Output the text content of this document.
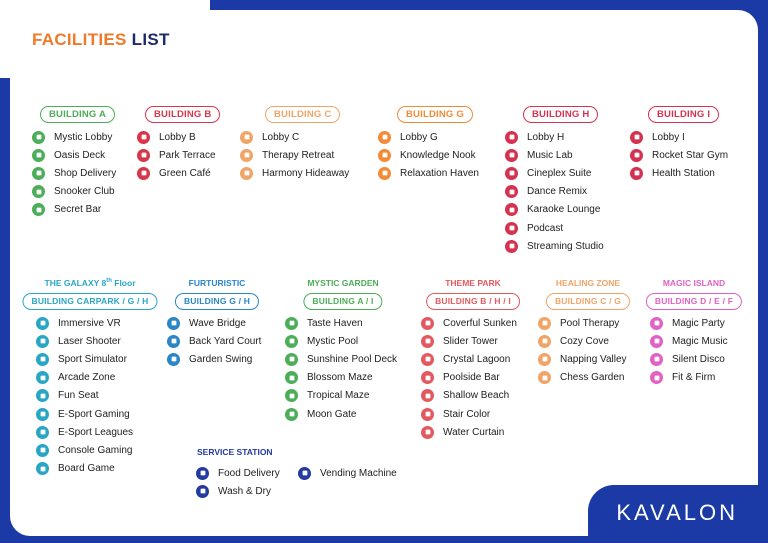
FACILITIES LIST
KAVALON
BUILDING A
Mystic Lobby
Oasis Deck
Shop Delivery
Snooker Club
Secret Bar
BUILDING B
Lobby B
Park Terrace
Green Café
BUILDING C
Lobby C
Therapy Retreat
Harmony Hideaway
BUILDING G
Lobby G
Knowledge Nook
Relaxation Haven
BUILDING H
Lobby H
Music Lab
Cineplex Suite
Dance Remix
Karaoke Lounge
Podcast
Streaming Studio
BUILDING I
Lobby I
Rocket Star Gym
Health Station
THE GALAXY 8th Floor
BUILDING CARPARK / G / H
Immersive VR
Laser Shooter
Sport Simulator
Arcade Zone
Fun Seat
E-Sport Gaming
E-Sport Leagues
Console Gaming
Board Game
FURTURISTIC
BUILDING G / H
Wave Bridge
Back Yard Court
Garden Swing
MYSTIC GARDEN
BUILDING A / I
Taste Haven
Mystic Pool
Sunshine Pool Deck
Blossom Maze
Tropical Maze
Moon Gate
THEME PARK
BUILDING B / H / I
Coverful Sunken
Slider Tower
Crystal Lagoon
Poolside Bar
Shallow Beach
Stair Color
Water Curtain
HEALING ZONE
BUILDING C / G
Pool Therapy
Cozy Cove
Napping Valley
Chess Garden
MAGIC ISLAND
BUILDING D / E / F
Magic Party
Magic Music
Silent Disco
Fit & Firm
SERVICE STATION
Food Delivery
Wash & Dry
Vending Machine
